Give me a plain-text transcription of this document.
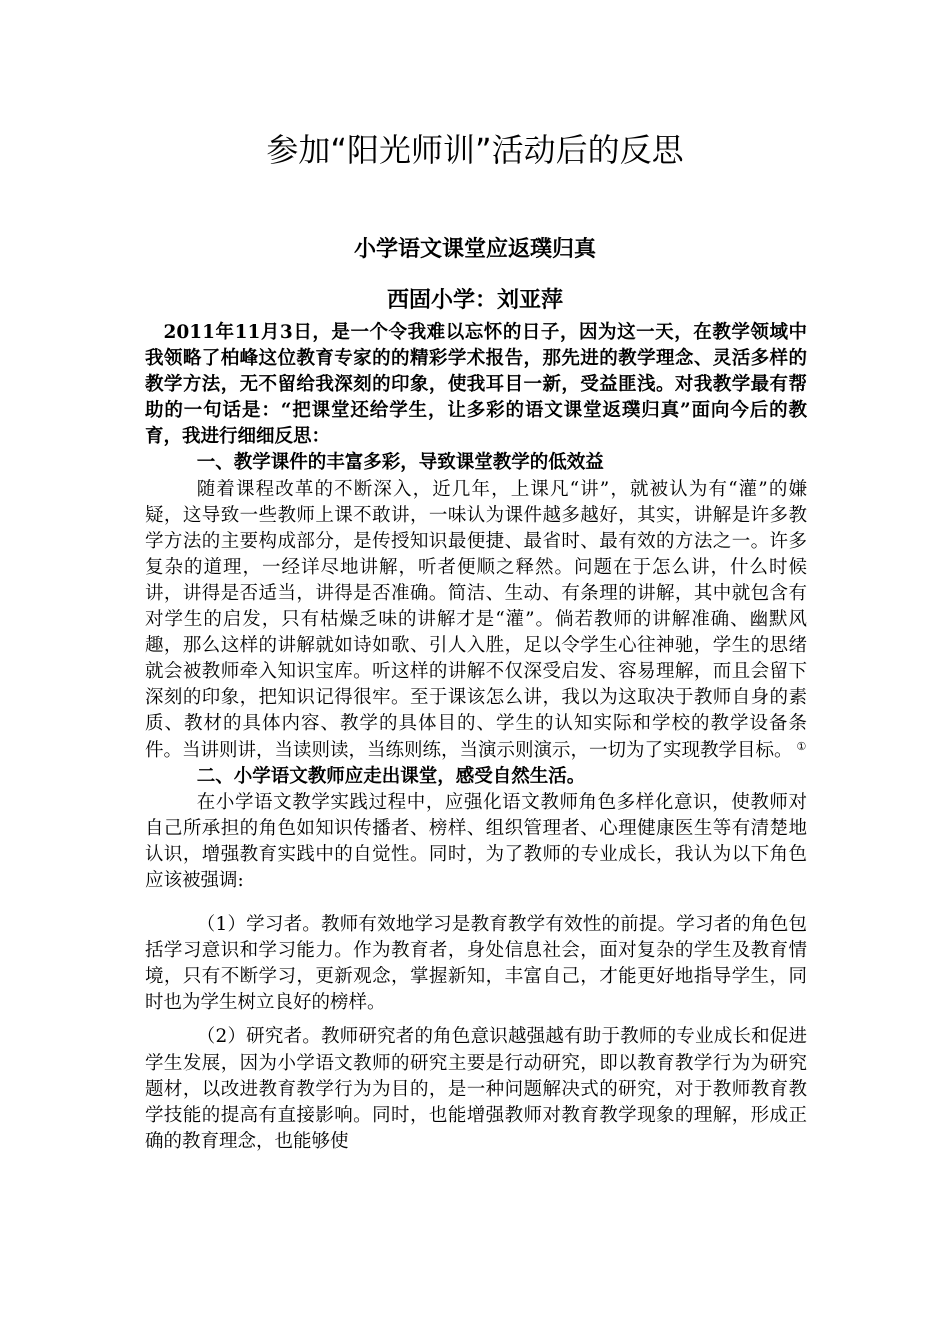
参加“阳光师训”活动后的反思
小学语文课堂应返璞归真
西固小学：刘亚萍

2011年11月3日，是一个令我难以忘怀的日子，因为这一天，在教学领域中我领略了柏峰这位教育专家的的精彩学术报告，那先进的教学理念、灵活多样的教学方法，无不留给我深刻的印象，使我耳目一新，受益匪浅。对我教学最有帮助的一句话是：“把课堂还给学生，让多彩的语文课堂返璞归真”面向今后的教育，我进行细细反思：

一、教学课件的丰富多彩，导致课堂教学的低效益

随着课程改革的不断深入，近几年，上课凡“讲”，就被认为有“灌”的嫌疑，这导致一些教师上课不敢讲，一味认为课件越多越好，其实，讲解是许多教学方法的主要构成部分，是传授知识最便捷、最省时、最有效的方法之一。许多复杂的道理，一经详尽地讲解，听者便顺之释然。问题在于怎么讲，什么时候讲，讲得是否适当，讲得是否准确。简洁、生动、有条理的讲解，其中就包含有对学生的启发，只有枯燥乏味的讲解才是“灌”。倘若教师的讲解准确、幽默风趣，那么这样的讲解就如诗如歌、引人入胜，足以令学生心往神驰，学生的思绪就会被教师牵入知识宝库。听这样的讲解不仅深受启发、容易理解，而且会留下深刻的印象，把知识记得很牢。至于课该怎么讲，我以为这取决于教师自身的素质、教材的具体内容、教学的具体目的、学生的认知实际和学校的教学设备条件。当讲则讲，当读则读，当练则练，当演示则演示，一切为了实现教学目标。 ①

二、小学语文教师应走出课堂，感受自然生活。

在小学语文教学实践过程中，应强化语文教师角色多样化意识，使教师对自己所承担的角色如知识传播者、榜样、组织管理者、心理健康医生等有清楚地认识，增强教育实践中的自觉性。同时，为了教师的专业成长，我认为以下角色应该被强调:

（1）学习者。教师有效地学习是教育教学有效性的前提。学习者的角色包括学习意识和学习能力。作为教育者，身处信息社会，面对复杂的学生及教育情境，只有不断学习，更新观念，掌握新知，丰富自己，才能更好地指导学生，同时也为学生树立良好的榜样。

（2）研究者。教师研究者的角色意识越强越有助于教师的专业成长和促进学生发展，因为小学语文教师的研究主要是行动研究，即以教育教学行为为研究题材，以改进教育教学行为为目的，是一种问题解决式的研究，对于教师教育教学技能的提高有直接影响。同时，也能增强教师对教育教学现象的理解，形成正确的教育理念，也能够使
